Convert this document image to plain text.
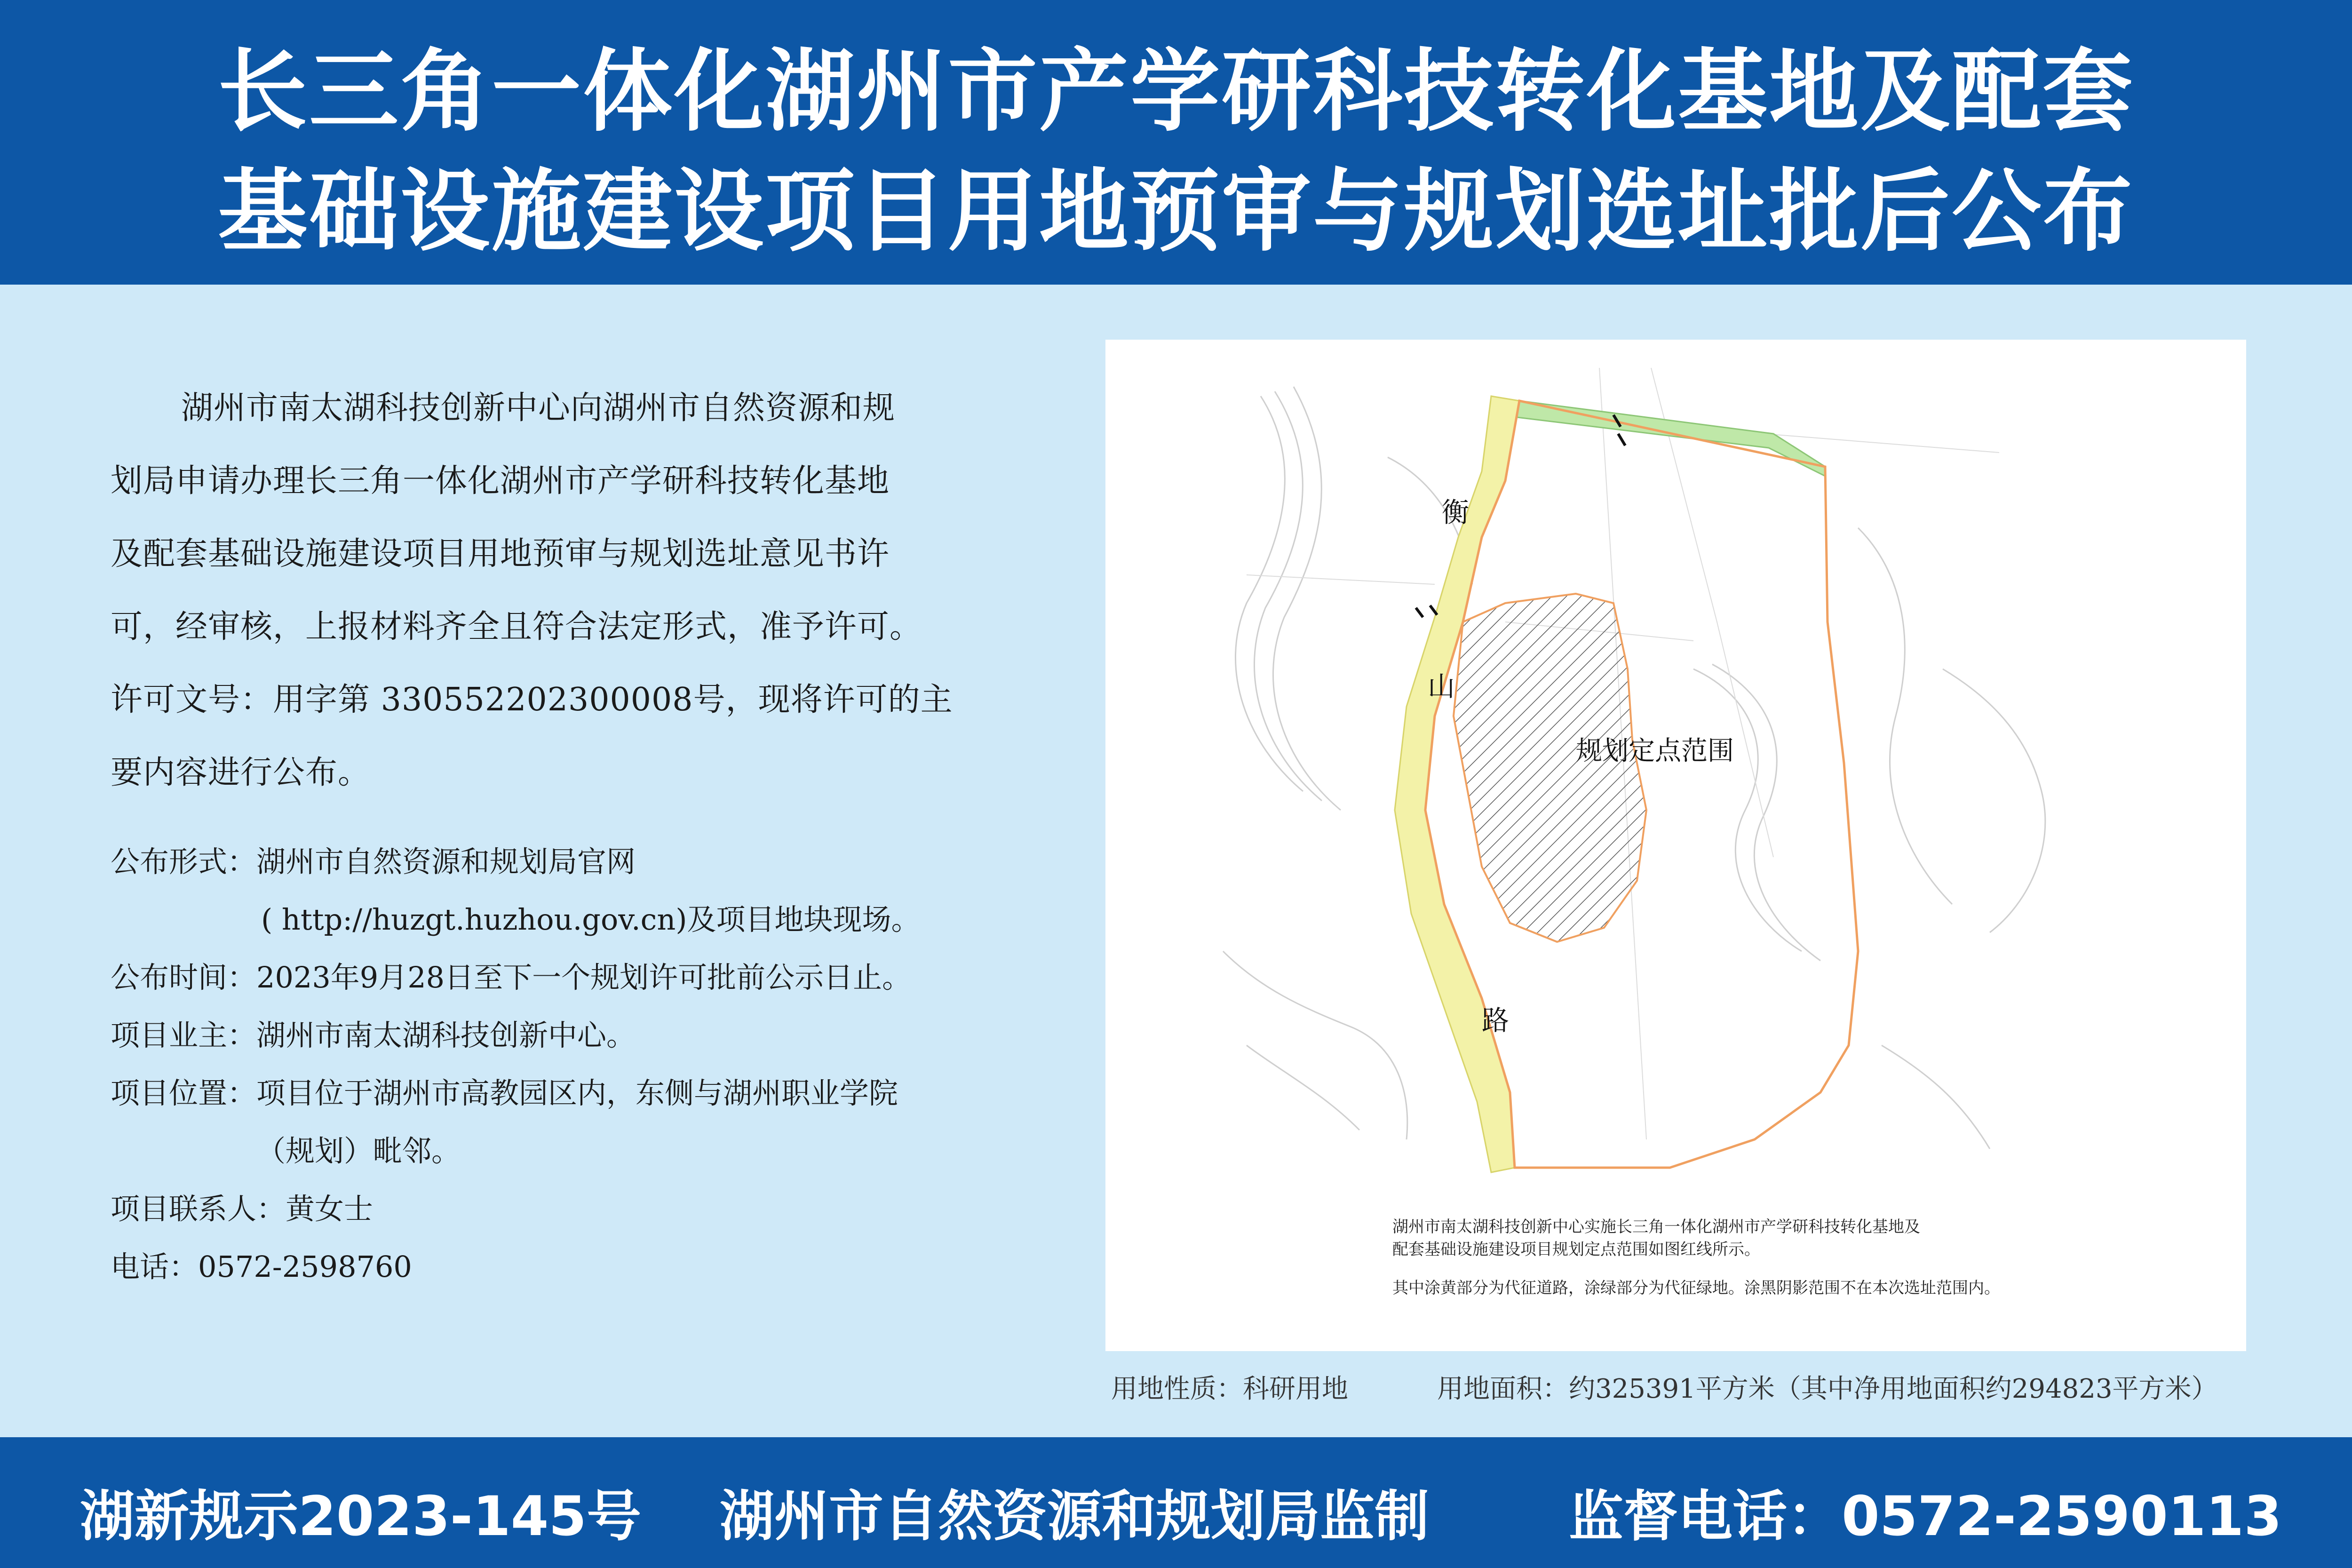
长三角一体化湖州市产学研科技转化基地及配套
基础设施建设项目用地预审与规划选址批后公布

湖州市南太湖科技创新中心向湖州市自然资源和规

划局申请办理长三角一体化湖州市产学研科技转化基地

及配套基础设施建设项目用地预审与规划选址意见书许

可，经审核，上报材料齐全且符合法定形式，准予许可。

许可文号：用字第 330552202300008号，现将许可的主

要内容进行公布。

公布形式：湖州市自然资源和规划局官网
( http://huzgt.huzhou.gov.cn)及项目地块现场。
公布时间：2023年9月28日至下一个规划许可批前公示日止。
项目业主：湖州市南太湖科技创新中心。
项目位置：项目位于湖州市高教园区内，东侧与湖州职业学院
（规划）毗邻。
项目联系人：黄女士
电话：0572-2598760
衡
山
路
规划定点范围
湖州市南太湖科技创新中心实施长三角一体化湖州市产学研科技转化基地及
配套基础设施建设项目规划定点范围如图红线所示。
其中涂黄部分为代征道路，涂绿部分为代征绿地。涂黑阴影范围不在本次选址范围内。
用地性质：科研用地	用地面积：约325391平方米（其中净用地面积约294823平方米）
湖新规示2023-145号 湖州市自然资源和规划局监制	监督电话：0572-2590113
